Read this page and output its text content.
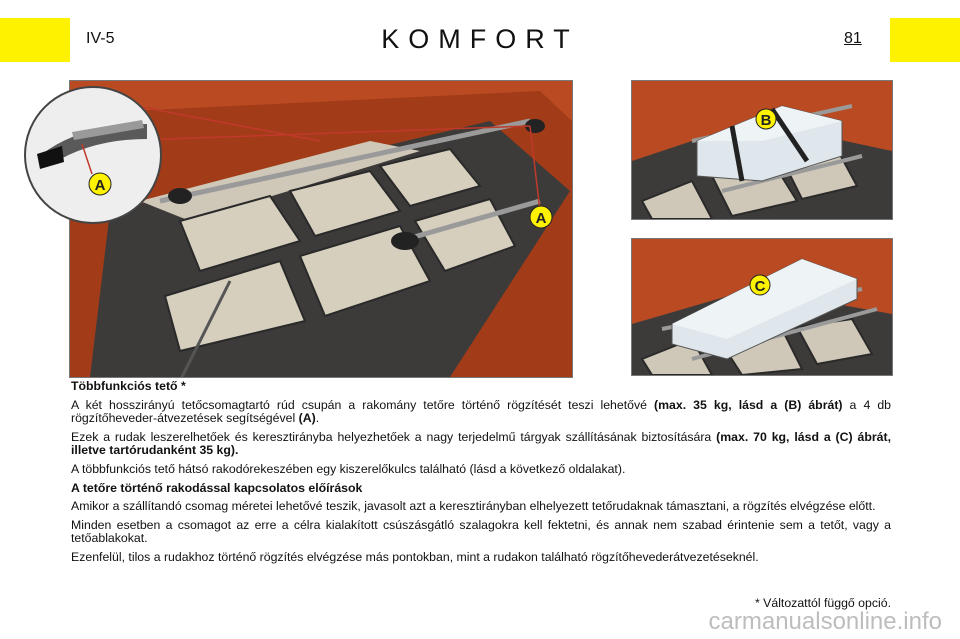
IV-5	KOMFORT	81
A
A
B
C

Többfunkciós tető *

A két hosszirányú tetőcsomagtartó rúd csupán a rakomány tetőre történő rögzítését teszi lehetővé (max. 35 kg, lásd a (B) ábrát) a 4 db rögzítőheveder-átvezetések segítségével (A).

Ezek a rudak leszerelhetőek és keresztirányba helyezhetőek a nagy terjedelmű tárgyak szállításának biztosítására (max. 70 kg, lásd a (C) ábrát, illetve tartórudanként 35 kg).

A többfunkciós tető hátsó rakodórekeszében egy kiszerelőkulcs található (lásd a következő oldalakat).

A tetőre történő rakodással kapcsolatos előírások

Amikor a szállítandó csomag méretei lehetővé teszik, javasolt azt a keresztirányban elhelyezett tetőrudaknak támasztani, a rögzítés elvégzése előtt.

Minden esetben a csomagot az erre a célra kialakított csúszásgátló szalagokra kell fektetni, és annak nem szabad érintenie sem a tetőt, vagy a tetőablakokat.

Ezenfelül, tilos a rudakhoz történő rögzítés elvégzése más pontokban, mint a rudakon található rögzítőhevederátvezetéseknél.

* Változattól függő opció.
carmanualsonline.info
